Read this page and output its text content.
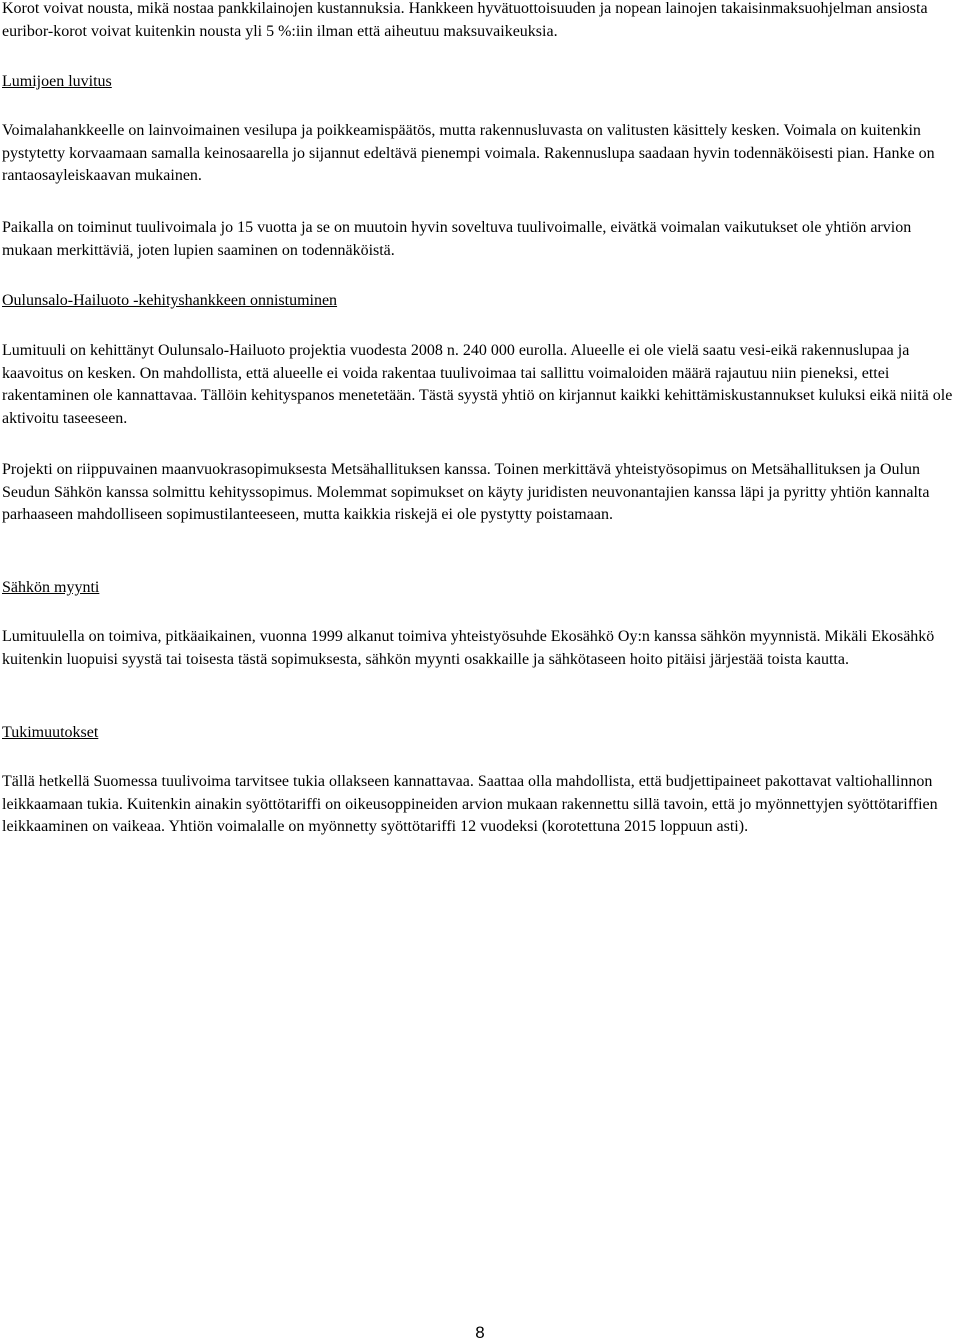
Korot voivat nousta, mikä nostaa pankkilainojen kustannuksia. Hankkeen hyvätuottoisuuden ja nopean lainojen takaisinmaksuohjelman ansiosta euribor-korot voivat kuitenkin nousta yli 5 %:iin ilman että aiheutuu maksuvaikeuksia.

Lumijoen luvitus

Voimalahankkeelle on lainvoimainen vesilupa ja poikkeamispäätös, mutta rakennusluvasta on valitusten käsittely kesken. Voimala on kuitenkin pystytetty korvaamaan samalla keinosaarella jo sijannut edeltävä pienempi voimala. Rakennuslupa saadaan hyvin todennäköisesti pian. Hanke on rantaosayleiskaavan mukainen.

Paikalla on toiminut tuulivoimala jo 15 vuotta ja se on muutoin hyvin soveltuva tuulivoimalle, eivätkä voimalan vaikutukset ole yhtiön arvion mukaan merkittäviä, joten lupien saaminen on todennäköistä.

Oulunsalo-Hailuoto -kehityshankkeen onnistuminen

Lumituuli on kehittänyt Oulunsalo-Hailuoto projektia vuodesta 2008 n. 240 000 eurolla. Alueelle ei ole vielä saatu vesi-eikä rakennuslupaa ja kaavoitus on kesken. On mahdollista, että alueelle ei voida rakentaa tuulivoimaa tai sallittu voimaloiden määrä rajautuu niin pieneksi, ettei rakentaminen ole kannattavaa. Tällöin kehityspanos menetetään. Tästä syystä yhtiö on kirjannut kaikki kehittämiskustannukset kuluksi eikä niitä ole aktivoitu taseeseen.

Projekti on riippuvainen maanvuokrasopimuksesta Metsähallituksen kanssa. Toinen merkittävä yhteistyösopimus on Metsähallituksen ja Oulun Seudun Sähkön kanssa solmittu kehityssopimus. Molemmat sopimukset on käyty juridisten neuvonantajien kanssa läpi ja pyritty yhtiön kannalta parhaaseen mahdolliseen sopimustilanteeseen, mutta kaikkia riskejä ei ole pystytty poistamaan.

Sähkön myynti

Lumituulella on toimiva, pitkäaikainen, vuonna 1999 alkanut toimiva yhteistyösuhde Ekosähkö Oy:n kanssa sähkön myynnistä. Mikäli Ekosähkö kuitenkin luopuisi syystä tai toisesta tästä sopimuksesta, sähkön myynti osakkaille ja sähkötaseen hoito pitäisi järjestää toista kautta.

Tukimuutokset

Tällä hetkellä Suomessa tuulivoima tarvitsee tukia ollakseen kannattavaa. Saattaa olla mahdollista, että budjettipaineet pakottavat valtiohallinnon leikkaamaan tukia. Kuitenkin ainakin syöttötariffi on oikeusoppineiden arvion mukaan rakennettu sillä tavoin, että jo myönnettyjen syöttötariffien leikkaaminen on vaikeaa. Yhtiön voimalalle on myönnetty syöttötariffi 12 vuodeksi (korotettuna 2015 loppuun asti).

8
